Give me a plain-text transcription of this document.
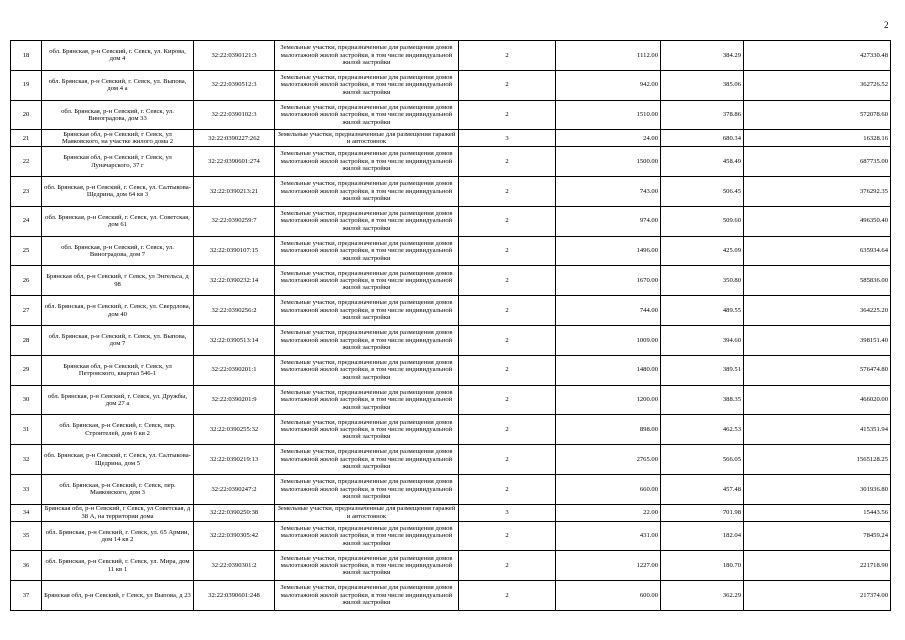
2
18	обл. Брянская, р-н Севский, г. Севск, ул. Кирова, дом 4	32:22:0390121:3	Земельные участки, предназначенные для размещения домов малоэтажной жилой застройки, в том числе индивидуальной жилой застройки	2	1112.00	384.29	427330.48
19	обл. Брянская, р-н Севский, г. Севск, ул. Выпова, дом 4 а	32:22:0390512:3	Земельные участки, предназначенные для размещения домов малоэтажной жилой застройки, в том числе индивидуальной жилой застройки	2	942.00	385.06	362726.52
20	обл. Брянская, р-н Севский, г. Севск, ул. Виноградова, дом 33	32:22:0390102:3	Земельные участки, предназначенные для размещения домов малоэтажной жилой застройки, в том числе индивидуальной жилой застройки	2	1510.00	378.86	572078.60
21	Брянская обл, р-н Севский, г Севск, ул Маяковского, на участке жилого дома 2	32:22:0390227:262	Земельные участки, предназначенные для размещения гаражей и автостоянок	3	24.00	680.34	16328.16
22	Брянская обл, р-н Севский, г Севск, ул Луначарского, 37 г	32:22:0390601:274	Земельные участки, предназначенные для размещения домов малоэтажной жилой застройки, в том числе индивидуальной жилой застройки	2	1500.00	458.49	687735.00
23	обл. Брянская, р-н Севский, г. Севск, ул. Салтыкова-Щедрина, дом 64 кв 3	32:22:0390213:21	Земельные участки, предназначенные для размещения домов малоэтажной жилой застройки, в том числе индивидуальной жилой застройки	2	743.00	506.45	376292.35
24	обл. Брянская, р-н Севский, г. Севск, ул. Советская, дом 61	32:22:0390259:7	Земельные участки, предназначенные для размещения домов малоэтажной жилой застройки, в том числе индивидуальной жилой застройки	2	974.00	509.60	496350.40
25	обл. Брянская, р-н Севский, г. Севск, ул. Виноградова, дом 7	32:22:0390107:15	Земельные участки, предназначенные для размещения домов малоэтажной жилой застройки, в том числе индивидуальной жилой застройки	2	1496.00	425.09	635934.64
26	Брянская обл, р-н Севский, г Севск, ул Энгельса, д 98	32:22:0390232:14	Земельные участки, предназначенные для размещения домов малоэтажной жилой застройки, в том числе индивидуальной жилой застройки	2	1670.00	350.80	585836.00
27	обл. Брянская, р-н Севский, г. Севск, ул. Свердлова, дом 40	32:22:0390256:2	Земельные участки, предназначенные для размещения домов малоэтажной жилой застройки, в том числе индивидуальной жилой застройки	2	744.00	489.55	364225.20
28	обл. Брянская, р-н Севский, г. Севск, ул. Выпова, дом 7	32:22:0390513:14	Земельные участки, предназначенные для размещения домов малоэтажной жилой застройки, в том числе индивидуальной жилой застройки	2	1009.00	394.60	398151.40
29	Брянская обл, р-н Севский, г Севск, ул Петровского, квартал 546-1	32:22:0390201:1	Земельные участки, предназначенные для размещения домов малоэтажной жилой застройки, в том числе индивидуальной жилой застройки	2	1480.00	389.51	576474.80
30	обл. Брянская, р-н Севский, г. Севск, ул. Дружбы, дом 27 а	32:22:0390201:9	Земельные участки, предназначенные для размещения домов малоэтажной жилой застройки, в том числе индивидуальной жилой застройки	2	1200.00	388.35	466020.00
31	обл. Брянская, р-н Севский, г. Севск, пер. Строителей, дом 6 кв 2	32:22:0390255:32	Земельные участки, предназначенные для размещения домов малоэтажной жилой застройки, в том числе индивидуальной жилой застройки	2	898.00	462.53	415351.94
32	обл. Брянская, р-н Севский, г. Севск, ул. Салтыкова-Щедрина, дом 5	32:22:0390219:13	Земельные участки, предназначенные для размещения домов малоэтажной жилой застройки, в том числе индивидуальной жилой застройки	2	2765.00	566.05	1565128.25
33	обл. Брянская, р-н Севский, г. Севск, пер. Маяковского, дом 3	32:22:0390247:2	Земельные участки, предназначенные для размещения домов малоэтажной жилой застройки, в том числе индивидуальной жилой застройки	2	660.00	457.48	301936.80
34	Брянская обл, р-н Севский, г Севск, ул Советская, д 38 А, на территории дома	32:22:0390250:38	Земельные участки, предназначенные для размещения гаражей и автостоянок	3	22.00	701.98	15443.56
35	обл. Брянская, р-н Севский, г. Севск, ул. 65 Армии, дом 14 кв 2	32:22:0390305:42	Земельные участки, предназначенные для размещения домов малоэтажной жилой застройки, в том числе индивидуальной жилой застройки	2	431.00	182.04	78459.24
36	обл. Брянская, р-н Севский, г. Севск, ул. Мира, дом 11 кв 1	32:22:0390301:2	Земельные участки, предназначенные для размещения домов малоэтажной жилой застройки, в том числе индивидуальной жилой застройки	2	1227.00	180.70	221718.90
37	Брянская обл, р-н Севский, г Севск, ул Выпова, д 23	32:22:0390601:248	Земельные участки, предназначенные для размещения домов малоэтажной жилой застройки, в том числе индивидуальной жилой застройки	2	600.00	362.29	217374.00
